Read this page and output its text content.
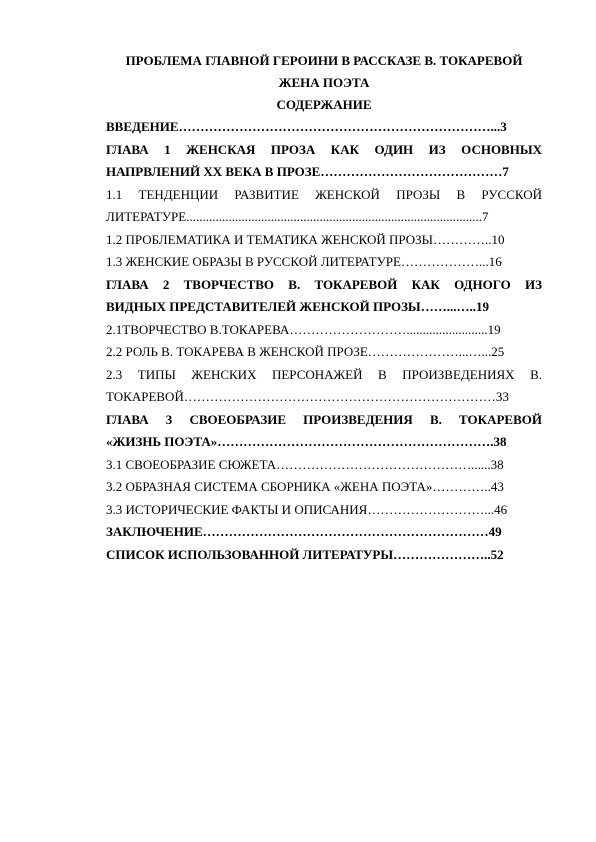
ПРОБЛЕМА ГЛАВНОЙ ГЕРОИНИ В РАССКАЗЕ В. ТОКАРЕВОЙ
ЖЕНА ПОЭТА
СОДЕРЖАНИЕ
ВВЕДЕНИЕ………………………………………………………………...3
ГЛАВА 1 ЖЕНСКАЯ ПРОЗА КАК ОДИН ИЗ ОСНОВНЫХ
НАПРВЛЕНИЙ XX ВЕКА В ПРОЗЕ……………………………………7
1.1 ТЕНДЕНЦИИ РАЗВИТИЕ ЖЕНСКОЙ ПРОЗЫ В РУССКОЙ
ЛИТЕРАТУРЕ...........................................................................................7
1.2 ПРОБЛЕМАТИКА И ТЕМАТИКА ЖЕНСКОЙ ПРОЗЫ…………..10
1.3 ЖЕНСКИЕ ОБРАЗЫ В РУССКОЙ ЛИТЕРАТУРЕ………………...16
ГЛАВА 2 ТВОРЧЕСТВО В. ТОКАРЕВОЙ КАК ОДНОГО ИЗ
ВИДНЫХ ПРЕДСТАВИТЕЛЕЙ ЖЕНСКОЙ ПРОЗЫ……...…..19
2.1ТВОРЧЕСТВО В.ТОКАРЕВА……………………….........................19
2.2 РОЛЬ В. ТОКАРЕВА В ЖЕНСКОЙ ПРОЗЕ…………………...…...25
2.3 ТИПЫ ЖЕНСКИХ ПЕРСОНАЖЕЙ В ПРОИЗВЕДЕНИЯХ В.
ТОКАРЕВОЙ………………………………………………………………33
ГЛАВА 3 СВОЕОБРАЗИЕ ПРОИЗВЕДЕНИЯ В. ТОКАРЕВОЙ
«ЖИЗНЬ ПОЭТА»……………………………………………………….38
3.1 СВОЕОБРАЗИЕ СЮЖЕТА………………………………………......38
3.2 ОБРАЗНАЯ СИСТЕМА СБОРНИКА «ЖЕНА ПОЭТА»…………..43
3.3 ИСТОРИЧЕСКИЕ ФАКТЫ И ОПИСАНИЯ………………………...46
ЗАКЛЮЧЕНИЕ…………………………………………………………49
СПИСОК ИСПОЛЬЗОВАННОЙ ЛИТЕРАТУРЫ…………………..52
